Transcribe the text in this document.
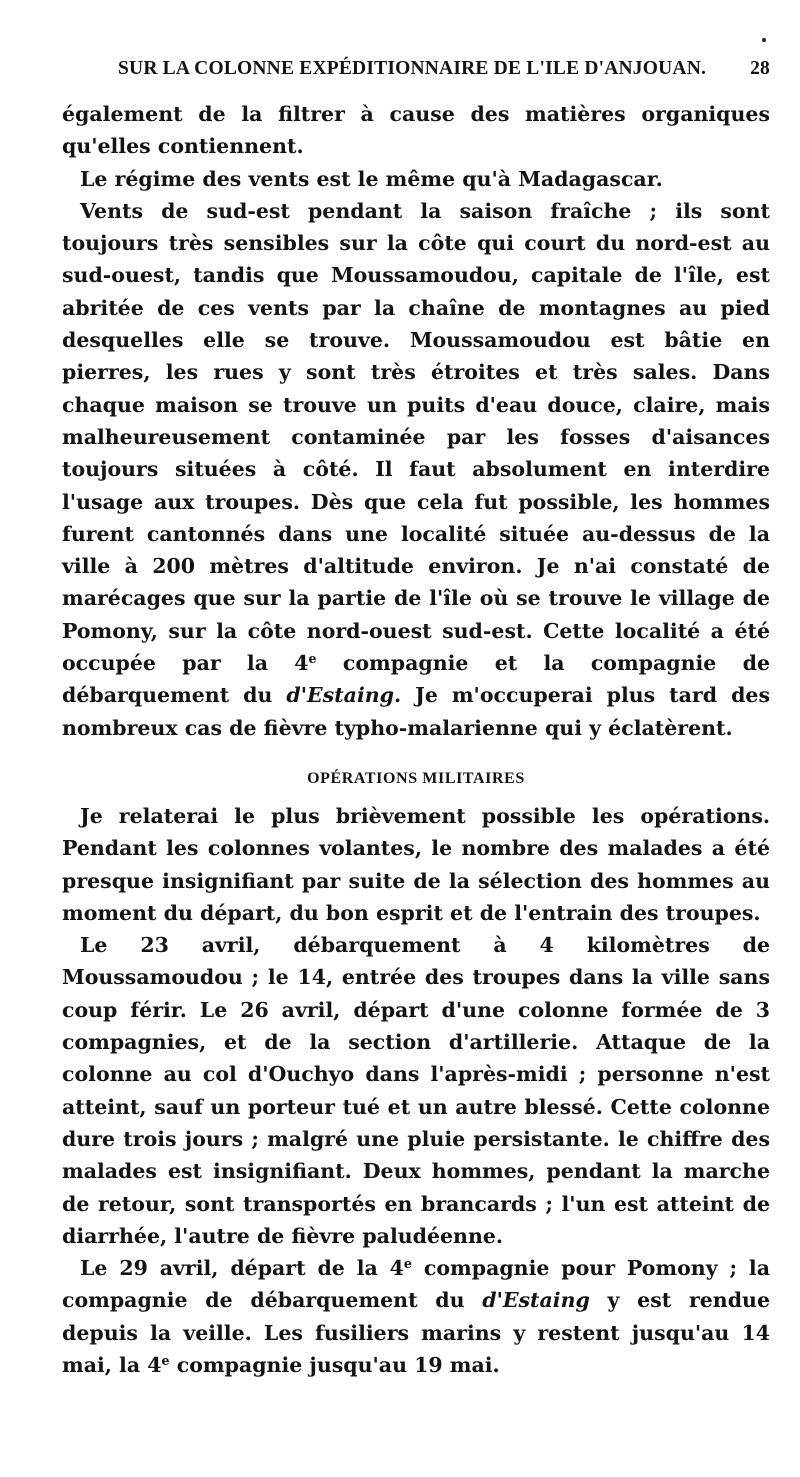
SUR LA COLONNE EXPÉDITIONNAIRE DE L'ILE D'ANJOUAN. 28

également de la filtrer à cause des matières organiques qu'elles contiennent.

Le régime des vents est le même qu'à Madagascar.

Vents de sud-est pendant la saison fraîche ; ils sont toujours très sensibles sur la côte qui court du nord-est au sud-ouest, tandis que Moussamoudou, capitale de l'île, est abritée de ces vents par la chaîne de montagnes au pied desquelles elle se trouve. Moussamoudou est bâtie en pierres, les rues y sont très étroites et très sales. Dans chaque maison se trouve un puits d'eau douce, claire, mais malheureusement contaminée par les fosses d'aisances toujours situées à côté. Il faut absolument en interdire l'usage aux troupes. Dès que cela fut possible, les hommes furent cantonnés dans une localité située au-dessus de la ville à 200 mètres d'altitude environ. Je n'ai constaté de marécages que sur la partie de l'île où se trouve le village de Pomony, sur la côte nord-ouest sud-est. Cette localité a été occupée par la 4e compagnie et la compagnie de débarquement du d'Estaing. Je m'occuperai plus tard des nombreux cas de fièvre typho-malarienne qui y éclatèrent.

OPÉRATIONS MILITAIRES

Je relaterai le plus brièvement possible les opérations. Pendant les colonnes volantes, le nombre des malades a été presque insignifiant par suite de la sélection des hommes au moment du départ, du bon esprit et de l'entrain des troupes.

Le 23 avril, débarquement à 4 kilomètres de Moussamoudou ; le 14, entrée des troupes dans la ville sans coup férir. Le 26 avril, départ d'une colonne formée de 3 compagnies, et de la section d'artillerie. Attaque de la colonne au col d'Ouchyo dans l'après-midi ; personne n'est atteint, sauf un porteur tué et un autre blessé. Cette colonne dure trois jours ; malgré une pluie persistante. le chiffre des malades est insignifiant. Deux hommes, pendant la marche de retour, sont transportés en brancards ; l'un est atteint de diarrhée, l'autre de fièvre paludéenne.

Le 29 avril, départ de la 4e compagnie pour Pomony ; la compagnie de débarquement du d'Estaing y est rendue depuis la veille. Les fusiliers marins y restent jusqu'au 14 mai, la 4e compagnie jusqu'au 19 mai.
